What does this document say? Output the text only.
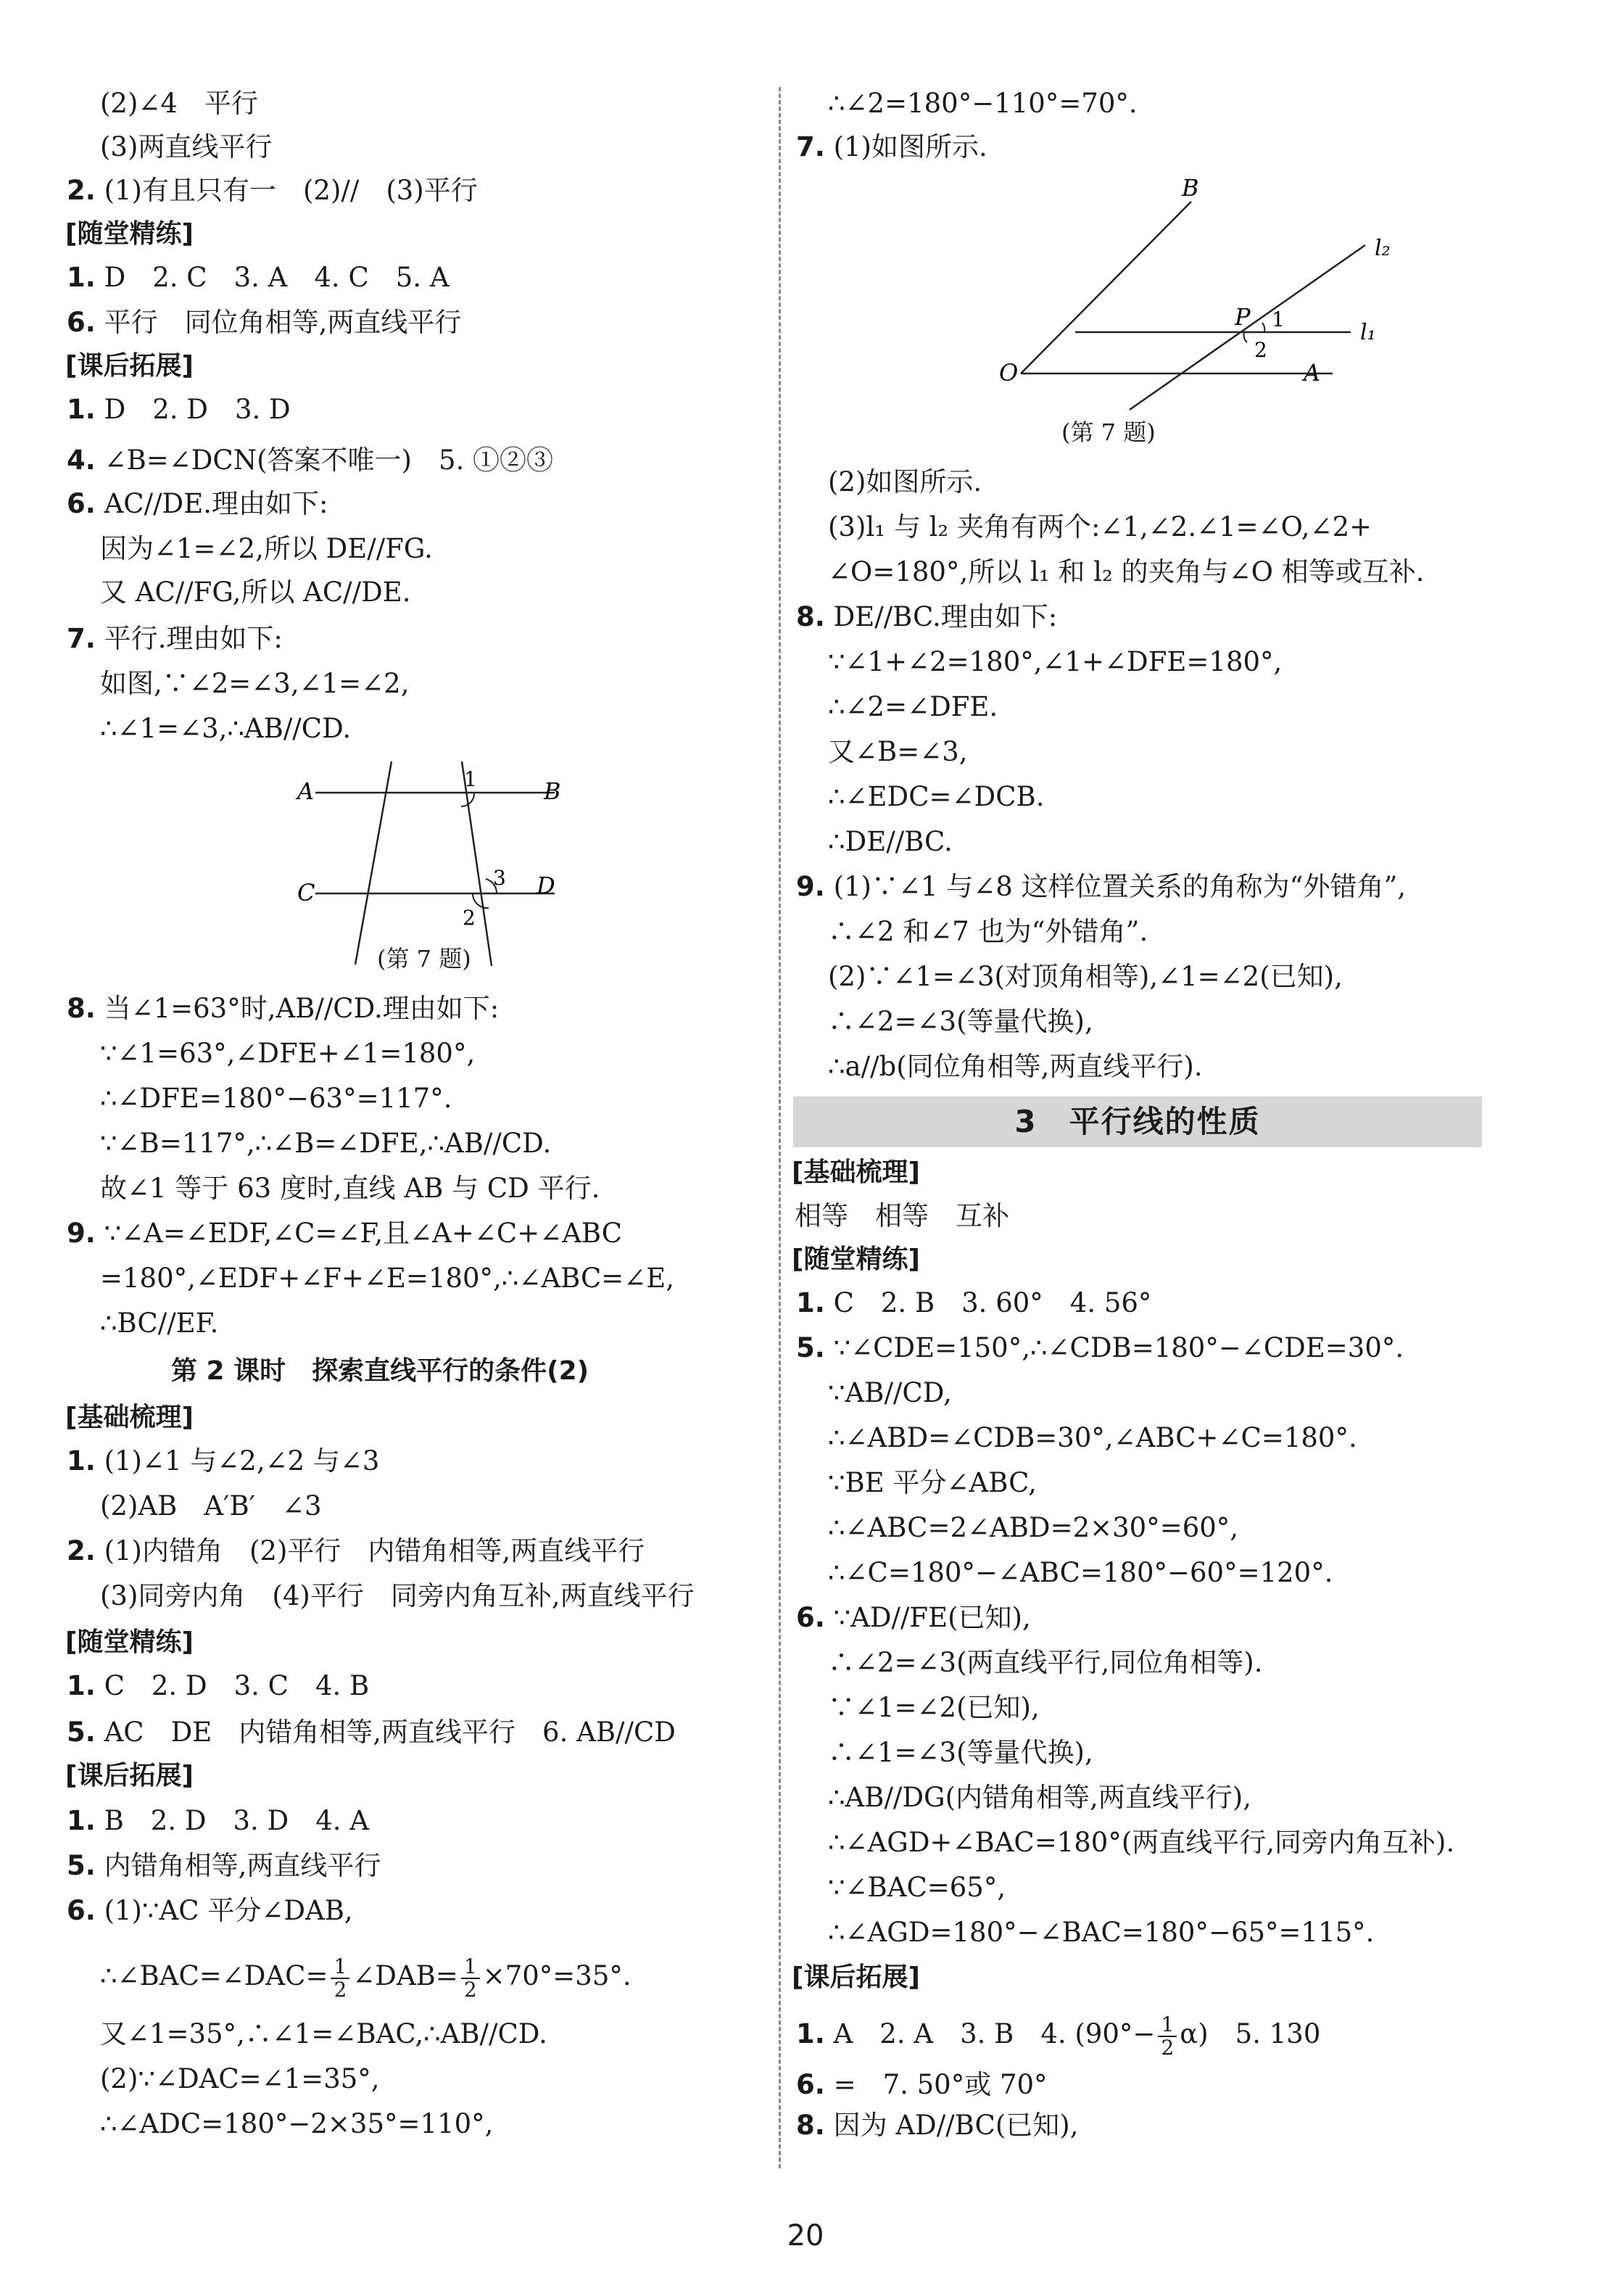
(2)∠4　平行
(3)两直线平行
2. (1)有且只有一　(2)//　(3)平行
[随堂精练]
1. D　2. C　3. A　4. C　5. A
6. 平行　同位角相等,两直线平行
[课后拓展]
1. D　2. D　3. D
4. ∠B=∠DCN(答案不唯一)　5. ①②③
6. AC//DE.理由如下:
因为∠1=∠2,所以 DE//FG.
又 AC//FG,所以 AC//DE.
7. 平行.理由如下:
如图,∵∠2=∠3,∠1=∠2,
∴∠1=∠3,∴AB//CD.
A	B
C	D
1
3
2
(第 7 题)
8. 当∠1=63°时,AB//CD.理由如下:
∵∠1=63°,∠DFE+∠1=180°,
∴∠DFE=180°−63°=117°.
∵∠B=117°,∴∠B=∠DFE,∴AB//CD.
故∠1 等于 63 度时,直线 AB 与 CD 平行.
9. ∵∠A=∠EDF,∠C=∠F,且∠A+∠C+∠ABC
=180°,∠EDF+∠F+∠E=180°,∴∠ABC=∠E,
∴BC//EF.
第 2 课时　探索直线平行的条件(2)
[基础梳理]
1. (1)∠1 与∠2,∠2 与∠3
(2)AB　A′B′　∠3
2. (1)内错角　(2)平行　内错角相等,两直线平行
(3)同旁内角　(4)平行　同旁内角互补,两直线平行
[随堂精练]
1. C　2. D　3. C　4. B
5. AC　DE　内错角相等,两直线平行　6. AB//CD
[课后拓展]
1. B　2. D　3. D　4. A
5. 内错角相等,两直线平行
6. (1)∵AC 平分∠DAB,
∴∠BAC=∠DAC= $\frac{1}{2}$ ∠DAB= $\frac{1}{2} \times 70^\circ=35^\circ$.
又∠1=35°,∴∠1=∠BAC,∴AB//CD.
(2)∵∠DAC=∠1=35°,
∴∠ADC=180°−2×35°=110°,
∴∠2=180°−110°=70°.
7. (1)如图所示.
B
P
O	A
1
2
l₁
l₂
(第 7 题)
(2)如图所示.
(3)l₁ 与 l₂ 夹角有两个:∠1,∠2.∠1=∠O,∠2+
∠O=180°,所以 l₁ 和 l₂ 的夹角与∠O 相等或互补.
8. DE//BC.理由如下:
∵∠1+∠2=180°,∠1+∠DFE=180°,
∴∠2=∠DFE.
又∠B=∠3,
∴∠EDC=∠DCB.
∴DE//BC.
9. (1)∵∠1 与∠8 这样位置关系的角称为“外错角”,
∴∠2 和∠7 也为“外错角”.
(2)∵∠1=∠3(对顶角相等),∠1=∠2(已知),
∴∠2=∠3(等量代换),
∴a//b(同位角相等,两直线平行).
3　平行线的性质
[基础梳理]
相等　相等　互补
[随堂精练]
1. C　2. B　3. 60°　4. 56°
5. ∵∠CDE=150°,∴∠CDB=180°−∠CDE=30°.
∵AB//CD,
∴∠ABD=∠CDB=30°,∠ABC+∠C=180°.
∵BE 平分∠ABC,
∴∠ABC=2∠ABD=2×30°=60°,
∴∠C=180°−∠ABC=180°−60°=120°.
6. ∵AD//FE(已知),
∴∠2=∠3(两直线平行,同位角相等).
∵∠1=∠2(已知),
∴∠1=∠3(等量代换),
∴AB//DG(内错角相等,两直线平行),
∴∠AGD+∠BAC=180°(两直线平行,同旁内角互补).
∵∠BAC=65°,
∴∠AGD=180°−∠BAC=180°−65°=115°.
[课后拓展]
1. A　2. A　3. B　4. $(90^\circ- \frac{1}{2} \alpha)$　5. 130
6. =　7. 50°或 70°
8. 因为 AD//BC(已知),
20
